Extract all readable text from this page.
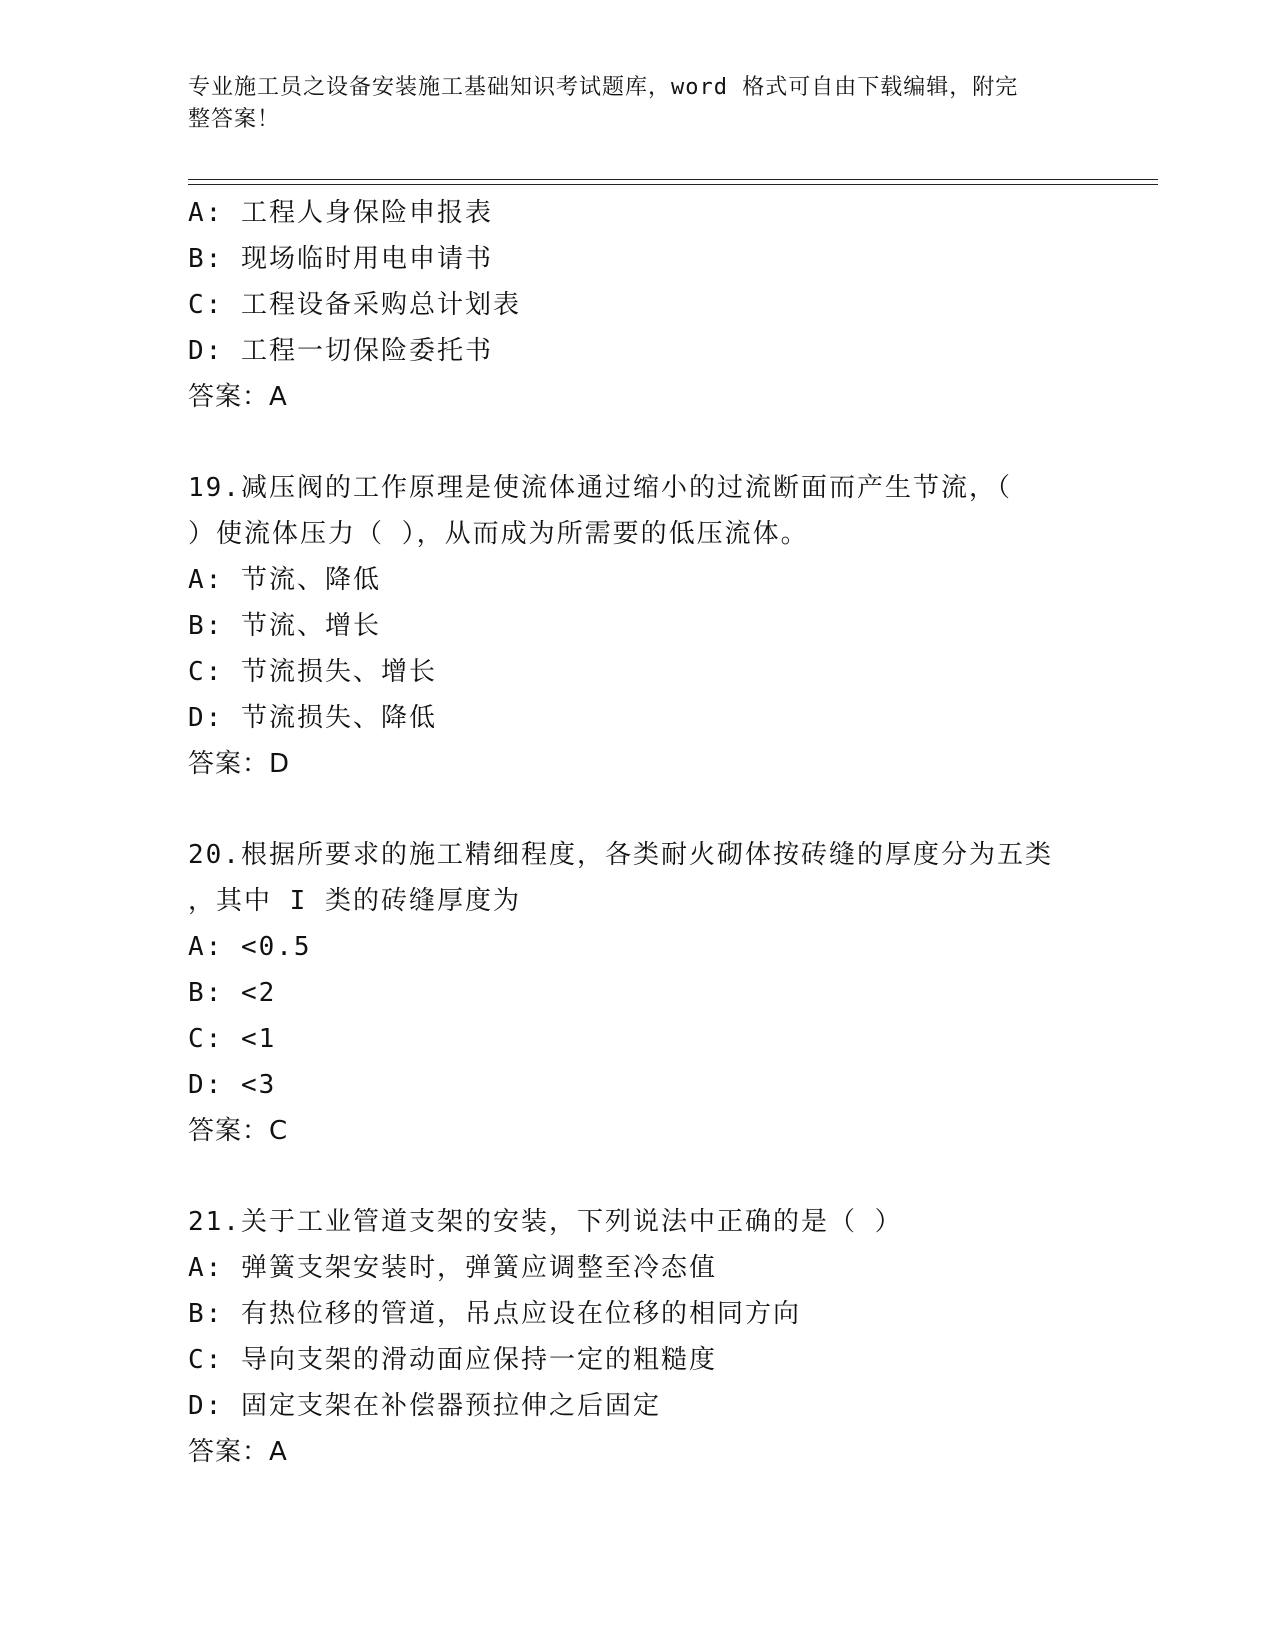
专业施工员之设备安装施工基础知识考试题库，word 格式可自由下载编辑，附完
整答案！
A: 工程人身保险申报表
B: 现场临时用电申请书
C: 工程设备采购总计划表
D: 工程一切保险委托书
答案：A
19.减压阀的工作原理是使流体通过缩小的过流断面而产生节流，（
）使流体压力（ ），从而成为所需要的低压流体。
A: 节流、降低
B: 节流、增长
C: 节流损失、增长
D: 节流损失、降低
答案：D
20.根据所要求的施工精细程度，各类耐火砌体按砖缝的厚度分为五类
，其中 I 类的砖缝厚度为
A: <0.5
B: <2
C: <1
D: <3
答案：C
21.关于工业管道支架的安装，下列说法中正确的是（ ）
A: 弹簧支架安装时，弹簧应调整至冷态值
B: 有热位移的管道，吊点应设在位移的相同方向
C: 导向支架的滑动面应保持一定的粗糙度
D: 固定支架在补偿器预拉伸之后固定
答案：A
